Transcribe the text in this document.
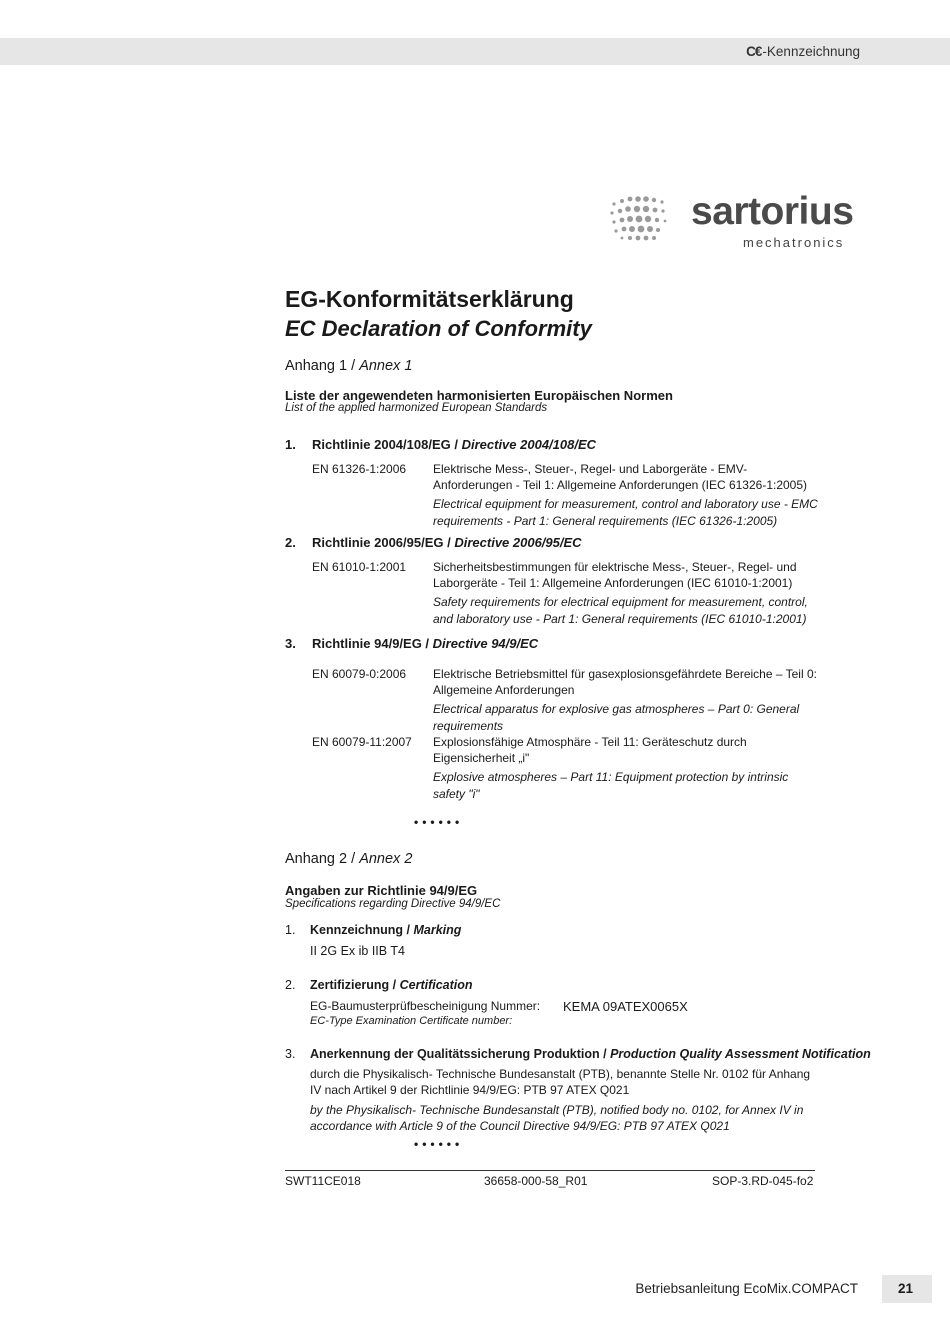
C€-Kennzeichnung
sartorius
mechatronics
EG-Konformitätserklärung
EC Declaration of Conformity
Anhang 1 / Annex 1
Liste der angewendeten harmonisierten Europäischen Normen
List of the applied harmonized European Standards
1. Richtlinie 2004/108/EG / Directive 2004/108/EC
EN 61326-1:2006 Elektrische Mess-, Steuer-, Regel- und Laborgeräte - EMV-Anforderungen - Teil 1: Allgemeine Anforderungen (IEC 61326-1:2005)
Electrical equipment for measurement, control and laboratory use - EMC requirements - Part 1: General requirements (IEC 61326-1:2005)
2. Richtlinie 2006/95/EG / Directive 2006/95/EC
EN 61010-1:2001 Sicherheitsbestimmungen für elektrische Mess-, Steuer-, Regel- und Laborgeräte - Teil 1: Allgemeine Anforderungen (IEC 61010-1:2001)
Safety requirements for electrical equipment for measurement, control, and laboratory use - Part 1: General requirements (IEC 61010-1:2001)
3. Richtlinie 94/9/EG / Directive 94/9/EC
EN 60079-0:2006 Elektrische Betriebsmittel für gasexplosionsgefährdete Bereiche – Teil 0: Allgemeine Anforderungen
Electrical apparatus for explosive gas atmospheres – Part 0: General requirements
EN 60079-11:2007 Explosionsfähige Atmosphäre - Teil 11: Geräteschutz durch Eigensicherheit „i"
Explosive atmospheres – Part 11: Equipment protection by intrinsic safety "i"
••••••
Anhang 2 / Annex 2
Angaben zur Richtlinie 94/9/EG
Specifications regarding Directive 94/9/EC
1. Kennzeichnung / Marking
II 2G Ex ib IIB T4
2. Zertifizierung / Certification
EG-Baumusterprüfbescheinigung Nummer:
EC-Type Examination Certificate number:
KEMA 09ATEX0065X
3. Anerkennung der Qualitätssicherung Produktion / Production Quality Assessment Notification
durch die Physikalisch- Technische Bundesanstalt (PTB), benannte Stelle Nr. 0102 für Anhang IV nach Artikel 9 der Richtlinie 94/9/EG: PTB 97 ATEX Q021
by the Physikalisch- Technische Bundesanstalt (PTB), notified body no. 0102, for Annex IV in accordance with Article 9 of the Council Directive 94/9/EG: PTB 97 ATEX Q021
••••••
SWT11CE018	36658-000-58_R01	SOP-3.RD-045-fo2
Betriebsanleitung EcoMix.COMPACT	21
